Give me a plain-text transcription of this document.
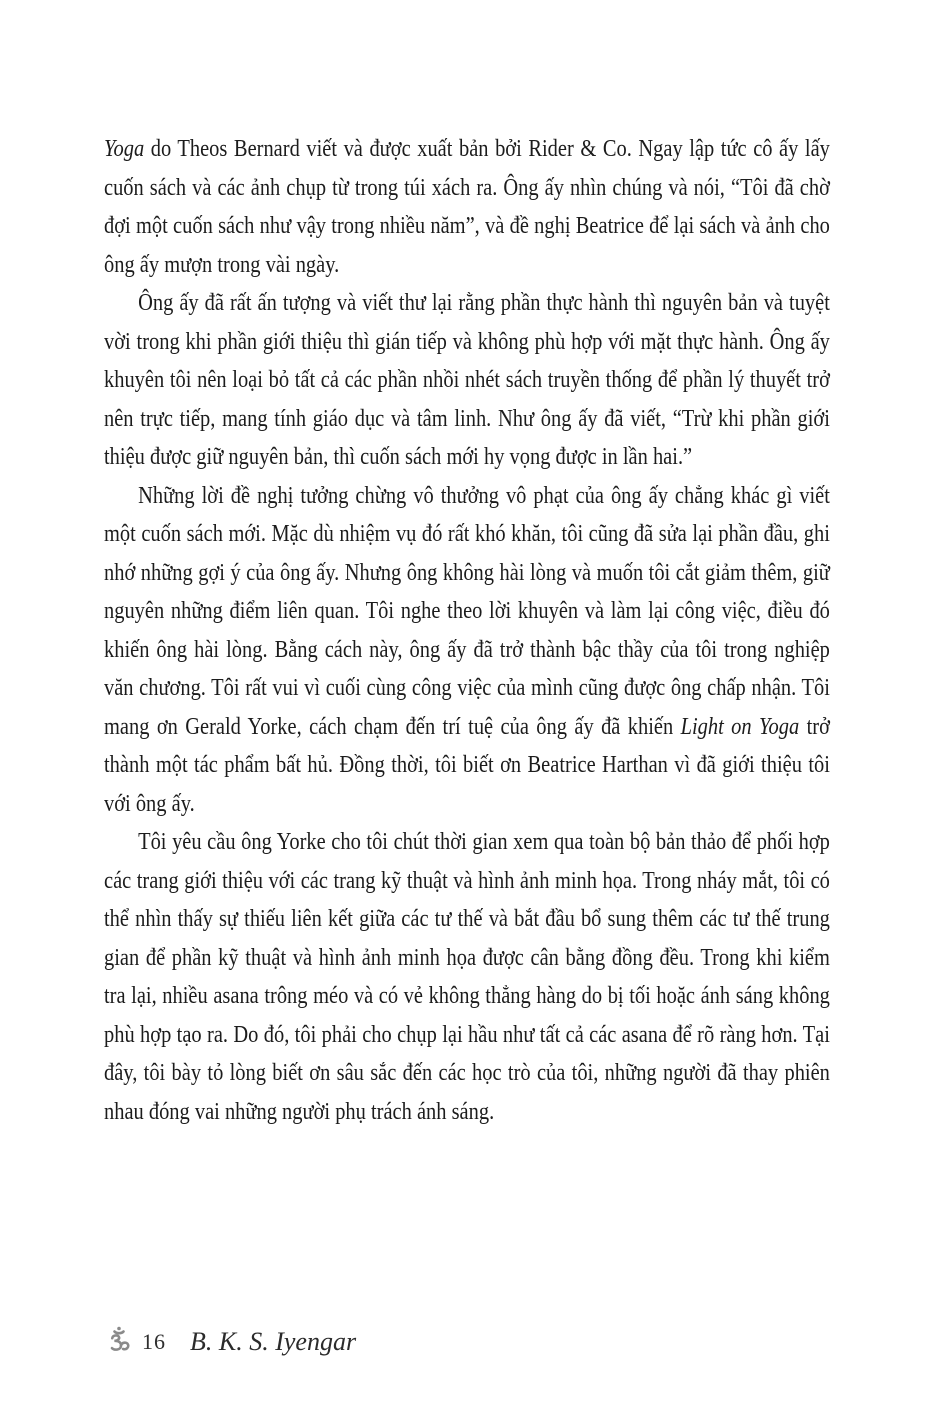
Yoga do Theos Bernard viết và được xuất bản bởi Rider & Co. Ngay lập tức cô ấy lấy cuốn sách và các ảnh chụp từ trong túi xách ra. Ông ấy nhìn chúng và nói, “Tôi đã chờ đợi một cuốn sách như vậy trong nhiều năm”, và đề nghị Beatrice để lại sách và ảnh cho ông ấy mượn trong vài ngày.

Ông ấy đã rất ấn tượng và viết thư lại rằng phần thực hành thì nguyên bản và tuyệt vời trong khi phần giới thiệu thì gián tiếp và không phù hợp với mặt thực hành. Ông ấy khuyên tôi nên loại bỏ tất cả các phần nhồi nhét sách truyền thống để phần lý thuyết trở nên trực tiếp, mang tính giáo dục và tâm linh. Như ông ấy đã viết, “Trừ khi phần giới thiệu được giữ nguyên bản, thì cuốn sách mới hy vọng được in lần hai.”

Những lời đề nghị tưởng chừng vô thưởng vô phạt của ông ấy chẳng khác gì viết một cuốn sách mới. Mặc dù nhiệm vụ đó rất khó khăn, tôi cũng đã sửa lại phần đầu, ghi nhớ những gợi ý của ông ấy. Nhưng ông không hài lòng và muốn tôi cắt giảm thêm, giữ nguyên những điểm liên quan. Tôi nghe theo lời khuyên và làm lại công việc, điều đó khiến ông hài lòng. Bằng cách này, ông ấy đã trở thành bậc thầy của tôi trong nghiệp văn chương. Tôi rất vui vì cuối cùng công việc của mình cũng được ông chấp nhận. Tôi mang ơn Gerald Yorke, cách chạm đến trí tuệ của ông ấy đã khiến Light on Yoga trở thành một tác phẩm bất hủ. Đồng thời, tôi biết ơn Beatrice Harthan vì đã giới thiệu tôi với ông ấy.

Tôi yêu cầu ông Yorke cho tôi chút thời gian xem qua toàn bộ bản thảo để phối hợp các trang giới thiệu với các trang kỹ thuật và hình ảnh minh họa. Trong nháy mắt, tôi có thể nhìn thấy sự thiếu liên kết giữa các tư thế và bắt đầu bổ sung thêm các tư thế trung gian để phần kỹ thuật và hình ảnh minh họa được cân bằng đồng đều. Trong khi kiểm tra lại, nhiều asana trông méo và có vẻ không thẳng hàng do bị tối hoặc ánh sáng không phù hợp tạo ra. Do đó, tôi phải cho chụp lại hầu như tất cả các asana để rõ ràng hơn. Tại đây, tôi bày tỏ lòng biết ơn sâu sắc đến các học trò của tôi, những người đã thay phiên nhau đóng vai những người phụ trách ánh sáng.

16 B. K. S. Iyengar
